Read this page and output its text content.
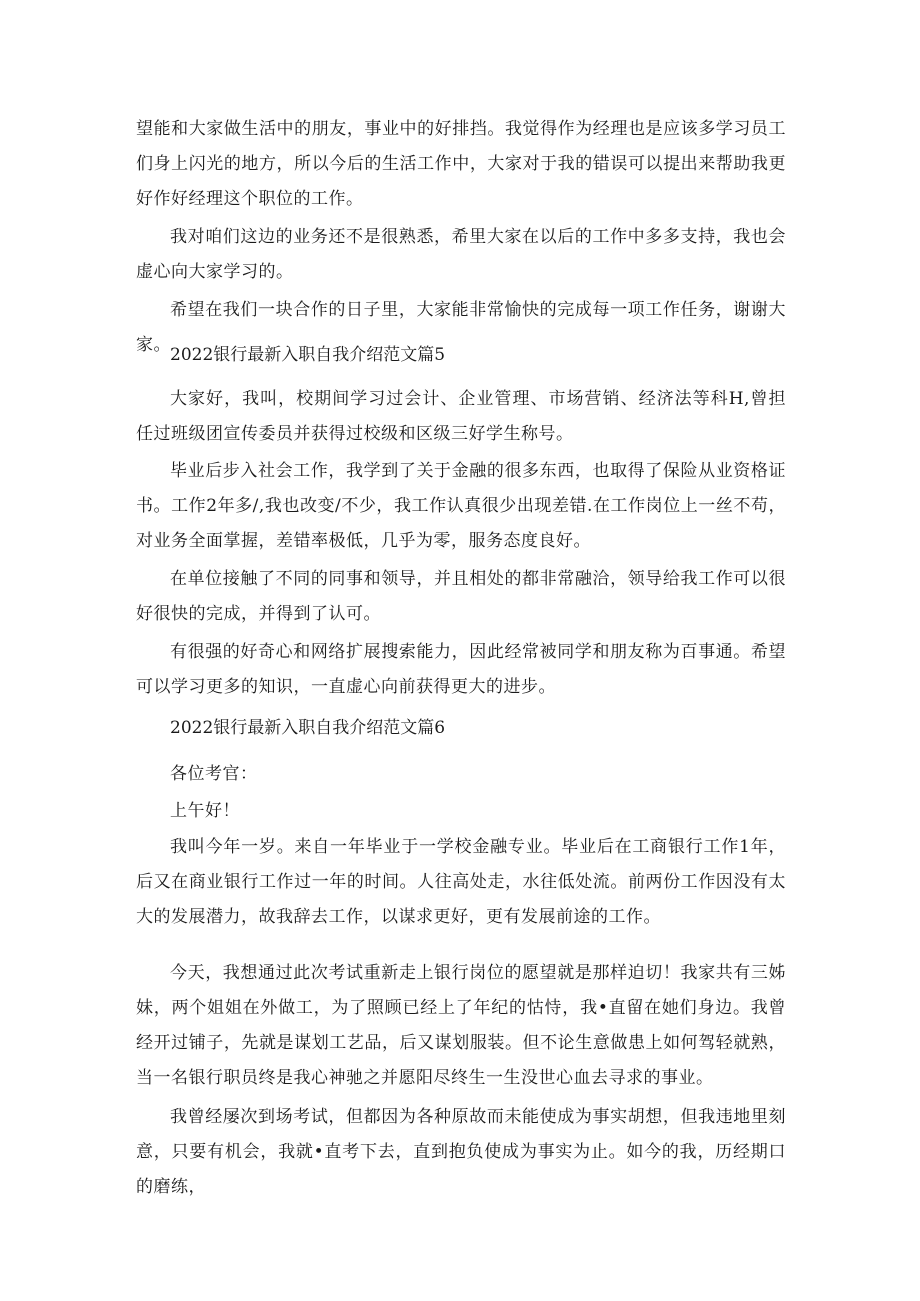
望能和大家做生活中的朋友，事业中的好排挡。我觉得作为经理也是应该多学习员工们身上闪光的地方，所以今后的生活工作中，大家对于我的错误可以提出来帮助我更好作好经理这个职位的工作。

我对咱们这边的业务还不是很熟悉，希里大家在以后的工作中多多支持，我也会虚心向大家学习的。

希望在我们一块合作的日子里，大家能非常愉快的完成每一项工作任务，谢谢大家。 2022银行最新入职自我介绍范文篇5

大家好，我叫，校期间学习过会计、企业管理、市场营销、经济法等科H,曾担任过班级团宣传委员并获得过校级和区级三好学生称号。

毕业后步入社会工作，我学到了关于金融的很多东西，也取得了保险从业资格证书。工作2年多/,我也改变/不少，我工作认真很少出现差错.在工作岗位上一丝不苟，对业务全面掌握，差错率极低，几乎为零，服务态度良好。

在单位接触了不同的同事和领导，并且相处的都非常融洽，领导给我工作可以很好很快的完成，并得到了认可。

有很强的好奇心和网络扩展搜索能力，因此经常被同学和朋友称为百事通。希望可以学习更多的知识，一直虚心向前获得更大的进步。

2022银行最新入职自我介绍范文篇6

各位考官：

上午好！

我叫今年一岁。来自一年毕业于一学校金融专业。毕业后在工商银行工作1年，后又在商业银行工作过一年的时间。人往高处走，水往低处流。前两份工作因没有太大的发展潜力，故我辞去工作，以谋求更好，更有发展前途的工作。

今天，我想通过此次考试重新走上银行岗位的愿望就是那样迫切！我家共有三姊妹，两个姐姐在外做工，为了照顾已经上了年纪的怙恃，我•直留在她们身边。我曾经开过铺子，先就是谋划工艺品，后又谋划服装。但不论生意做患上如何驾轻就熟，当一名银行职员终是我心神驰之并愿阳尽终生一生没世心血去寻求的事业。

我曾经屡次到场考试，但都因为各种原故而未能使成为事实胡想，但我违地里刻意，只要有机会，我就•直考下去，直到抱负使成为事实为止。如今的我，历经期口的磨练，
